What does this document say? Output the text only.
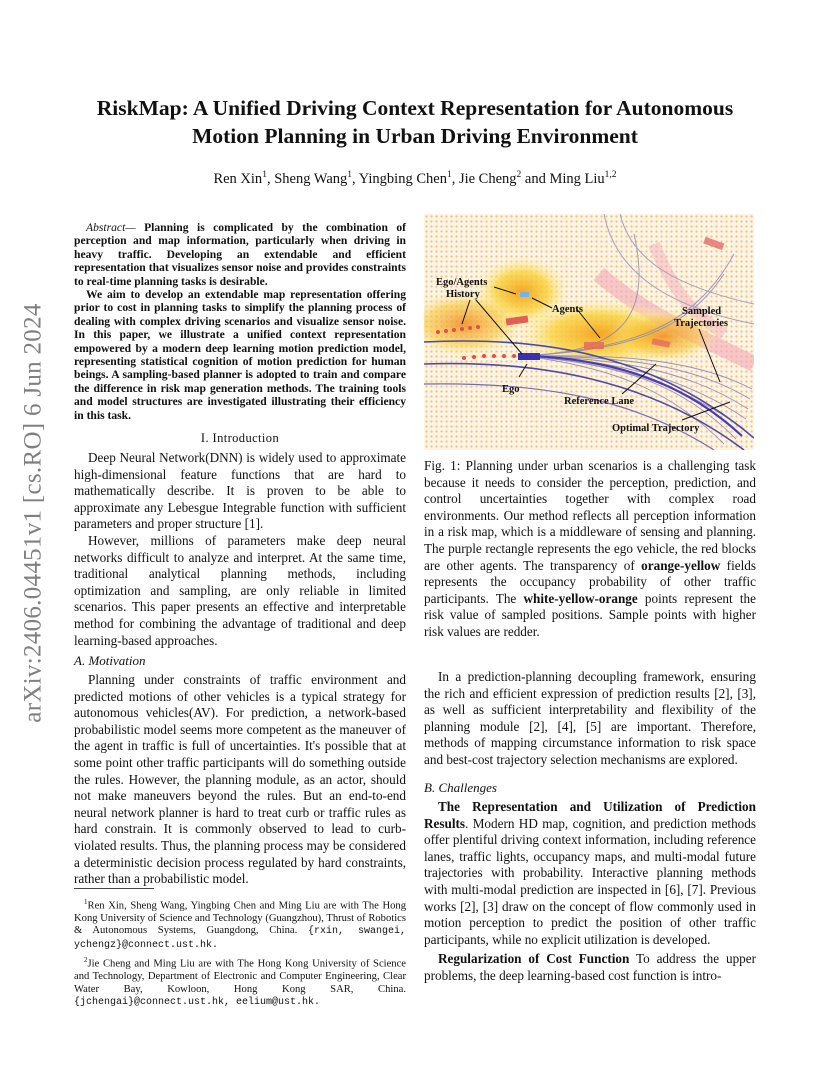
arXiv:2406.04451v1 [cs.RO] 6 Jun 2024
RiskMap: A Unified Driving Context Representation for Autonomous
Motion Planning in Urban Driving Environment
Ren Xin$^1$, Sheng Wang$^1$, Yingbing Chen$^1$, Jie Cheng$^2$ and Ming Liu$^{1,2}$

Abstract— Planning is complicated by the combination of perception and map information, particularly when driving in heavy traffic. Developing an extendable and efficient representation that visualizes sensor noise and provides constraints to real-time planning tasks is desirable.

We aim to develop an extendable map representation offering prior to cost in planning tasks to simplify the planning process of dealing with complex driving scenarios and visualize sensor noise. In this paper, we illustrate a unified context representation empowered by a modern deep learning motion prediction model, representing statistical cognition of motion prediction for human beings. A sampling-based planner is adopted to train and compare the difference in risk map generation methods. The training tools and model structures are investigated illustrating their efficiency in this task.

I. Introduction

Deep Neural Network(DNN) is widely used to approximate high-dimensional feature functions that are hard to mathematically describe. It is proven to be able to approximate any Lebesgue Integrable function with sufficient parameters and proper structure [1].

However, millions of parameters make deep neural networks difficult to analyze and interpret. At the same time, traditional analytical planning methods, including optimization and sampling, are only reliable in limited scenarios. This paper presents an effective and interpretable method for combining the advantage of traditional and deep learning-based approaches.

A. Motivation

Planning under constraints of traffic environment and predicted motions of other vehicles is a typical strategy for autonomous vehicles(AV). For prediction, a network-based probabilistic model seems more competent as the maneuver of the agent in traffic is full of uncertainties. It's possible that at some point other traffic participants will do something outside the rules. However, the planning module, as an actor, should not make maneuvers beyond the rules. But an end-to-end neural network planner is hard to treat curb or traffic rules as hard constrain. It is commonly observed to lead to curb-violated results. Thus, the planning process may be considered a deterministic decision process regulated by hard constraints, rather than a probabilistic model.

$^1$Ren Xin, Sheng Wang, Yingbing Chen and Ming Liu are with The Hong Kong University of Science and Technology (Guangzhou), Thrust of Robotics & Autonomous Systems, Guangdong, China. {rxin, swangei, ychengz}@connect.ust.hk.

$^2$Jie Cheng and Ming Liu are with The Hong Kong University of Science and Technology, Department of Electronic and Computer Engineering, Clear Water Bay, Kowloon, Hong Kong SAR, China. {jchengai}@connect.ust.hk, eelium@ust.hk.

Ego/Agents History
Agents	Sampled Trajectories
Ego
Reference Lane
Optimal Trajectory
Fig. 1: Planning under urban scenarios is a challenging task because it needs to consider the perception, prediction, and control uncertainties together with complex road environments. Our method reflects all perception information in a risk map, which is a middleware of sensing and planning. The purple rectangle represents the ego vehicle, the red blocks are other agents. The transparency of orange-yellow fields represents the occupancy probability of other traffic participants. The white-yellow-orange points represent the risk value of sampled positions. Sample points with higher risk values are redder.

In a prediction-planning decoupling framework, ensuring the rich and efficient expression of prediction results [2], [3], as well as sufficient interpretability and flexibility of the planning module [2], [4], [5] are important. Therefore, methods of mapping circumstance information to risk space and best-cost trajectory selection mechanisms are explored.

B. Challenges

The Representation and Utilization of Prediction Results. Modern HD map, cognition, and prediction methods offer plentiful driving context information, including reference lanes, traffic lights, occupancy maps, and multi-modal future trajectories with probability. Interactive planning methods with multi-modal prediction are inspected in [6], [7]. Previous works [2], [3] draw on the concept of flow commonly used in motion perception to predict the position of other traffic participants, while no explicit utilization is developed.

Regularization of Cost Function To address the upper problems, the deep learning-based cost function is intro-
